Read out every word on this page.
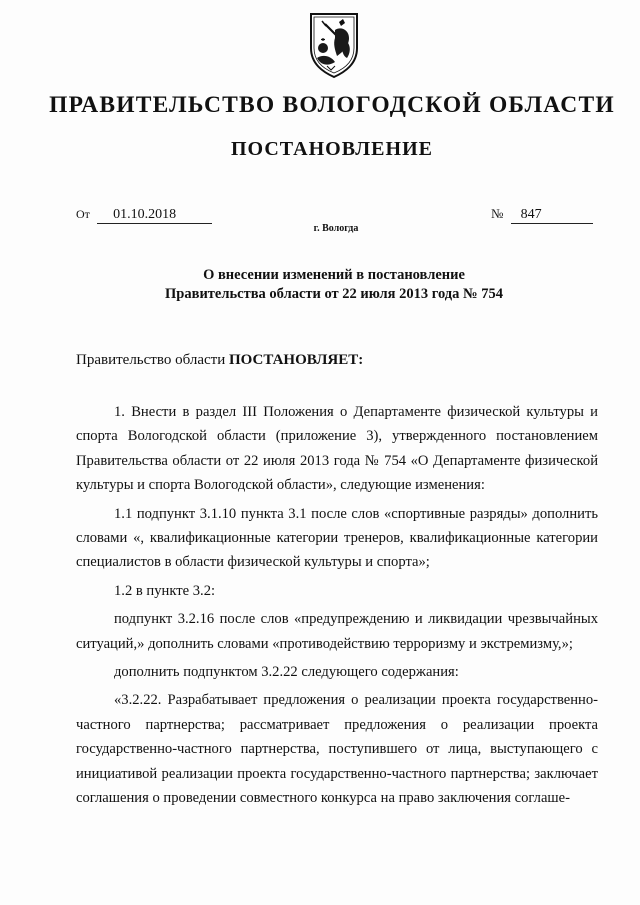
ПРАВИТЕЛЬСТВО ВОЛОГОДСКОЙ ОБЛАСТИ
ПОСТАНОВЛЕНИЕ
От 01.10.2018	№ 847
г. Вологда
О внесении изменений в постановление
Правительства области от 22 июля 2013 года № 754
Правительство области ПОСТАНОВЛЯЕТ:

1. Внести в раздел III Положения о Департаменте физической культуры и спорта Вологодской области (приложение 3), утвержденного постановлением Правительства области от 22 июля 2013 года № 754 «О Департаменте физической культуры и спорта Вологодской области», следующие изменения:

1.1 подпункт 3.1.10 пункта 3.1 после слов «спортивные разряды» дополнить словами «, квалификационные категории тренеров, квалификационные категории специалистов в области физической культуры и спорта»;

1.2 в пункте 3.2:

подпункт 3.2.16 после слов «предупреждению и ликвидации чрезвычайных ситуаций,» дополнить словами «противодействию терроризму и экстремизму,»;

дополнить подпунктом 3.2.22 следующего содержания:

«3.2.22. Разрабатывает предложения о реализации проекта государственно-частного партнерства; рассматривает предложения о реализации проекта государственно-частного партнерства, поступившего от лица, выступающего с инициативой реализации проекта государственно-частного партнерства; заключает соглашения о проведении совместного конкурса на право заключения соглаше-
